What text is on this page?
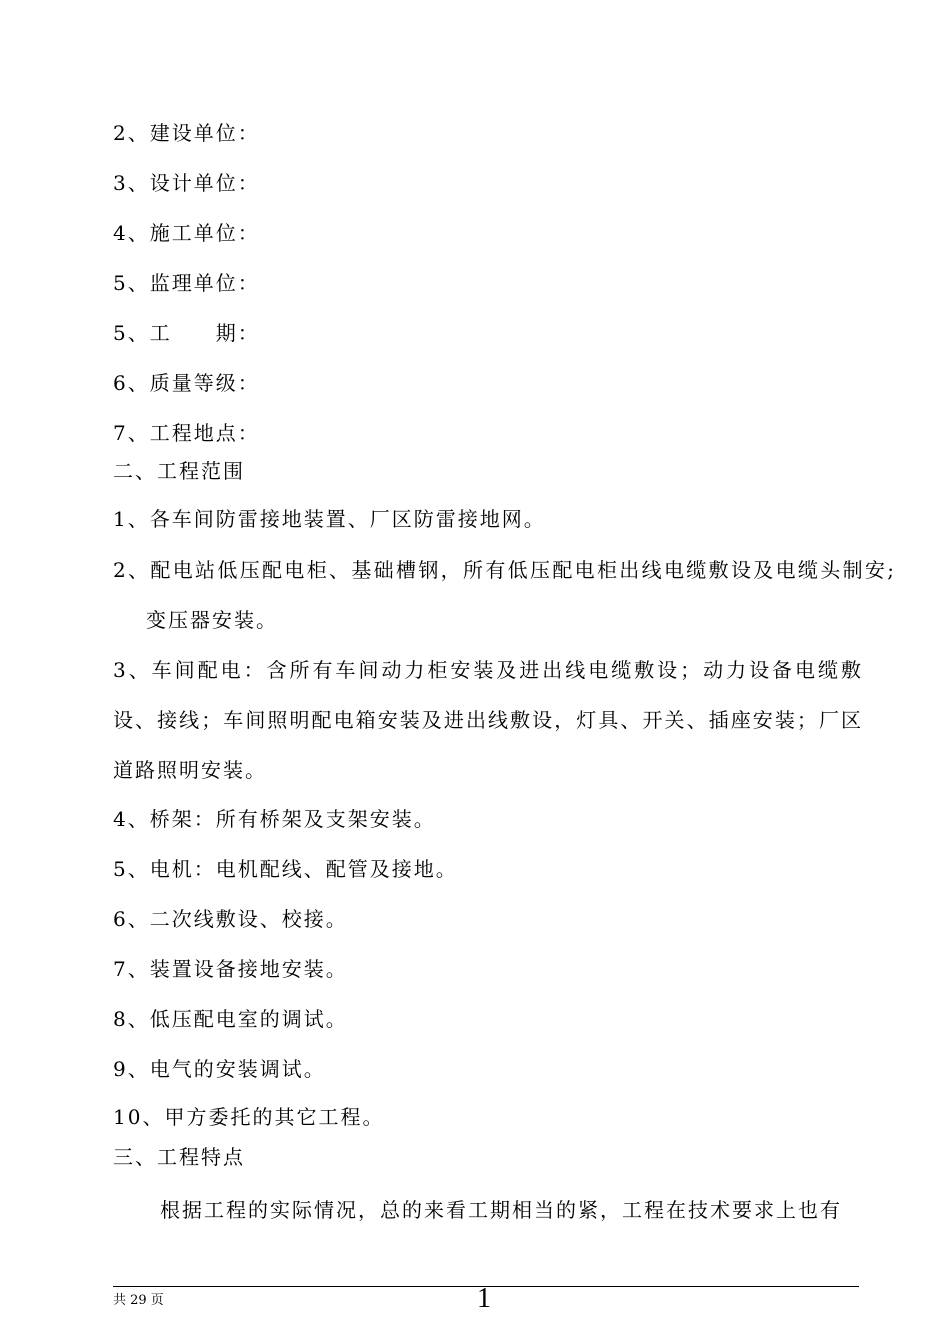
2、建设单位：
3、设计单位：
4、施工单位：
5、监理单位：
5、工　　期：
6、质量等级：
7、工程地点：
二、工程范围
1、各车间防雷接地装置、厂区防雷接地网。
2、配电站低压配电柜、基础槽钢，所有低压配电柜出线电缆敷设及电缆头制安;变压器安装。
3、车间配电：含所有车间动力柜安装及进出线电缆敷设；动力设备电缆敷设、接线；车间照明配电箱安装及进出线敷设，灯具、开关、插座安装；厂区道路照明安装。
4、桥架：所有桥架及支架安装。
5、电机：电机配线、配管及接地。
6、二次线敷设、校接。
7、装置设备接地安装。
8、低压配电室的调试。
9、电气的安装调试。
10、甲方委托的其它工程。
三、工程特点
根据工程的实际情况，总的来看工期相当的紧，工程在技术要求上也有
共 29 页	1
